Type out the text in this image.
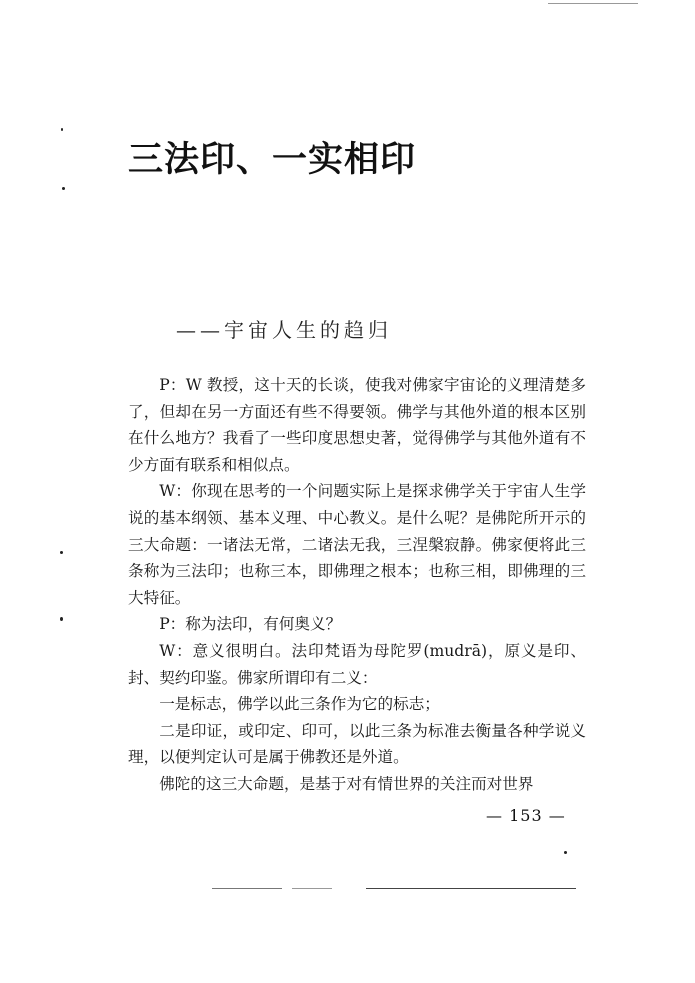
三法印、一实相印
——宇宙人生的趋归

P：W 教授，这十天的长谈，使我对佛家宇宙论的义理清楚多了，但却在另一方面还有些不得要领。佛学与其他外道的根本区别在什么地方？我看了一些印度思想史著，觉得佛学与其他外道有不少方面有联系和相似点。

W：你现在思考的一个问题实际上是探求佛学关于宇宙人生学说的基本纲领、基本义理、中心教义。是什么呢？是佛陀所开示的三大命题：一诸法无常，二诸法无我，三涅槃寂静。佛家便将此三条称为三法印；也称三本，即佛理之根本；也称三相，即佛理的三大特征。

P：称为法印，有何奥义？

W：意义很明白。法印梵语为母陀罗(mudrā)，原义是印、封、契约印鉴。佛家所谓印有二义：

一是标志，佛学以此三条作为它的标志；

二是印证，或印定、印可，以此三条为标准去衡量各种学说义理，以便判定认可是属于佛教还是外道。

佛陀的这三大命题，是基于对有情世界的关注而对世界

— 153 —
